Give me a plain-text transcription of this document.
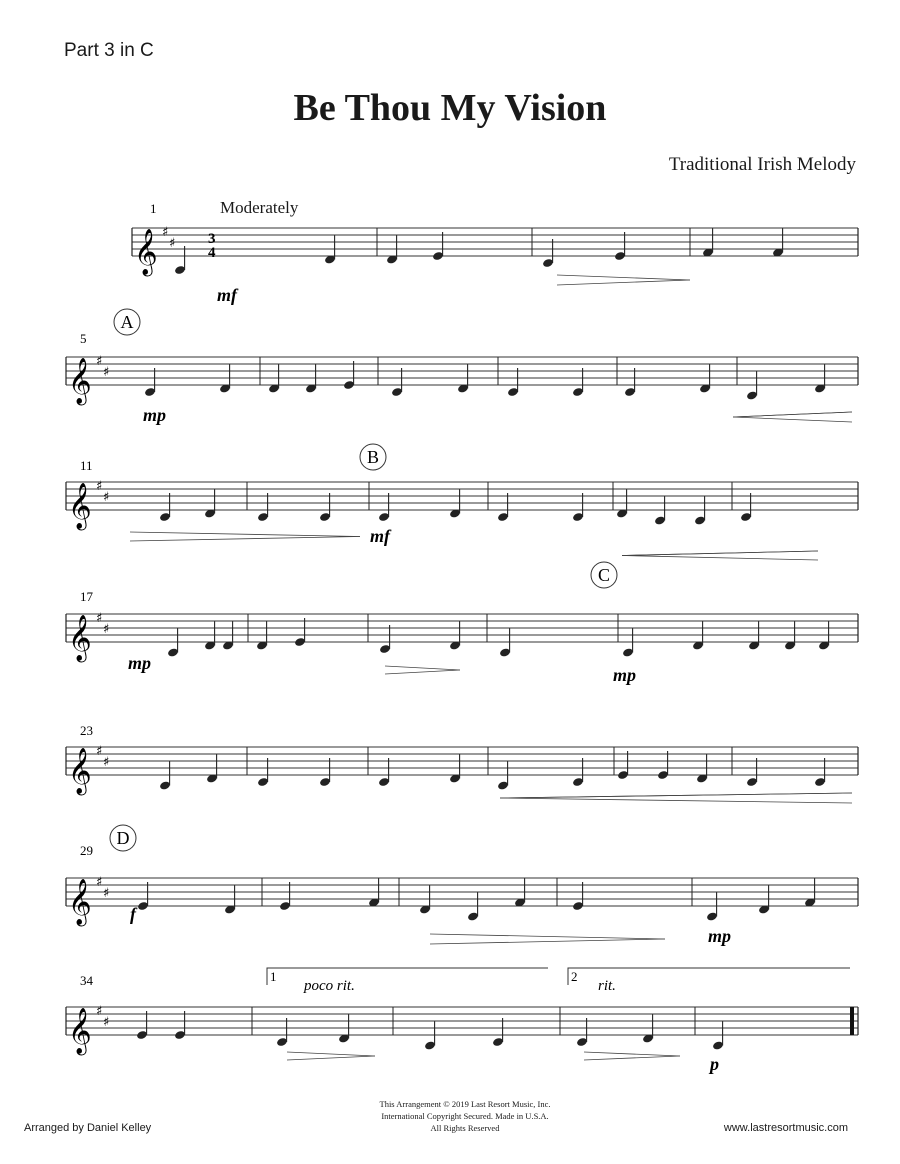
Part 3 in C
Be Thou My Vision
Traditional Irish Melody
𝄞 ♯
♯
𝄞 ♯
♯
𝄞 ♯
♯
𝄞 ♯
♯
𝄞 ♯
♯
𝄞 ♯
♯
𝄞 ♯
♯
3
4
1
5
11
17
23
29
34
mf
mp
mf
mp
mp
f
mp
p
A
B
C
D
1	2
poco rit.	rit.
Moderately
This Arrangement © 2019 Last Resort Music, Inc.
International Copyright Secured. Made in U.S.A.
All Rights Reserved
Arranged by Daniel Kelley	www.lastresortmusic.com
